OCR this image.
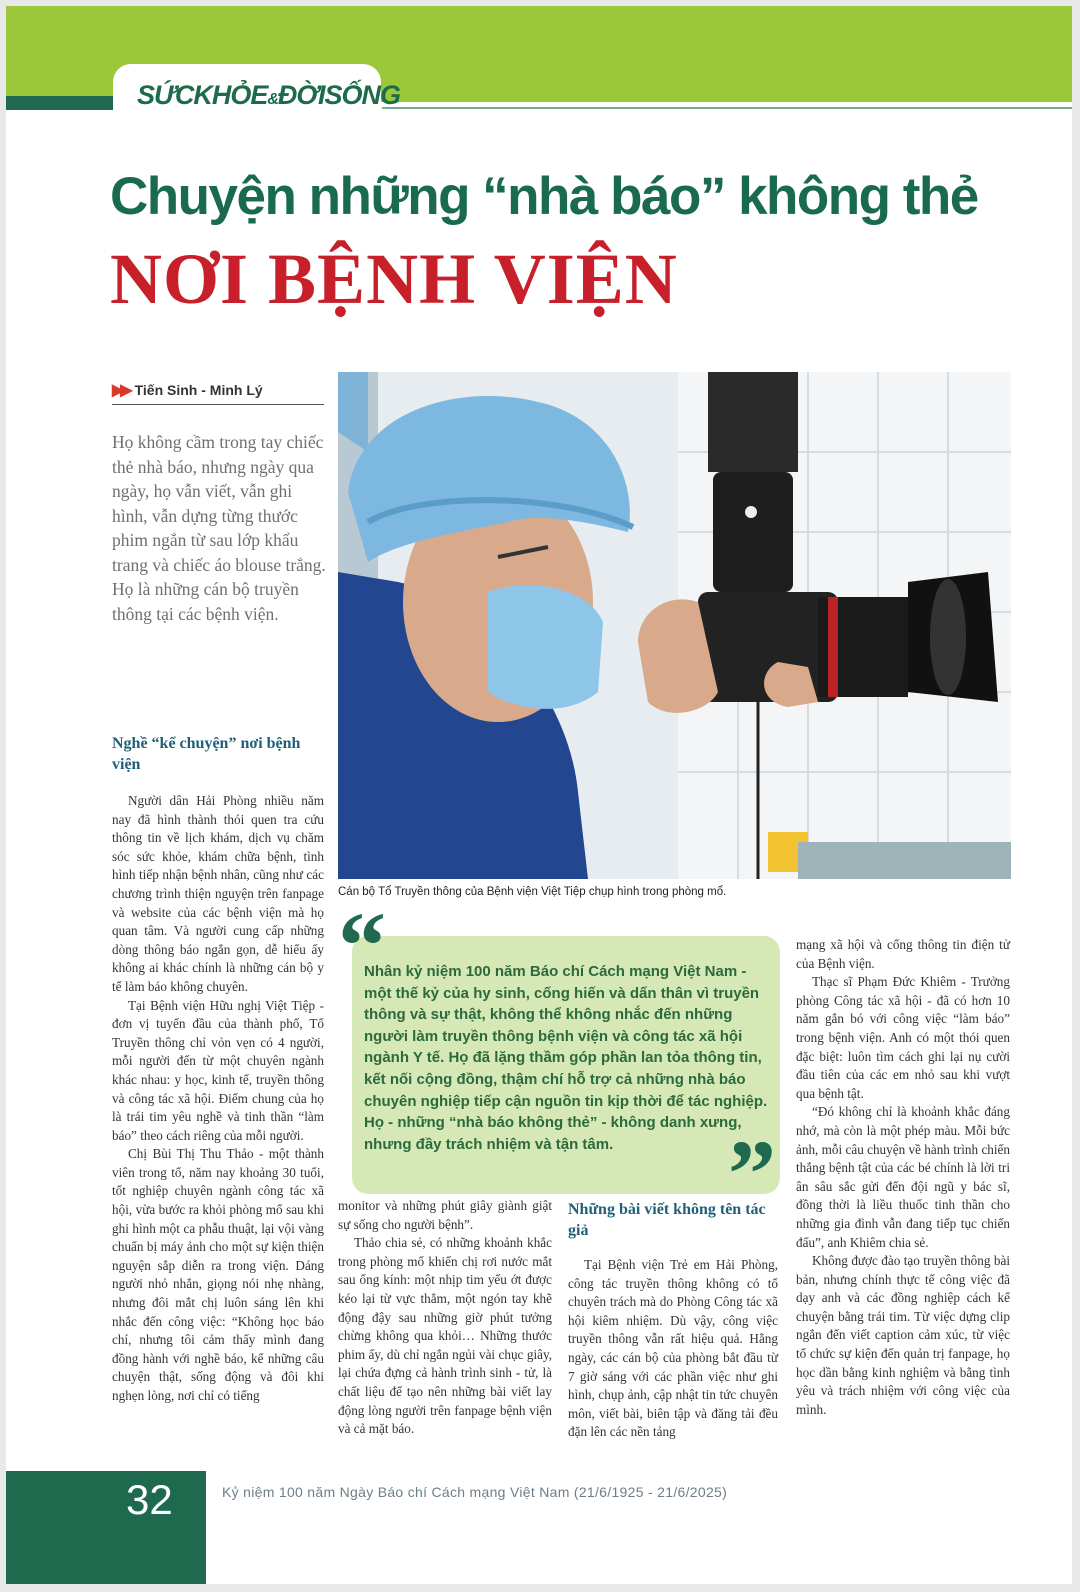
SỨCKHỎE&ĐỜISỐNG
Chuyện những “nhà báo” không thẻ
NƠI BỆNH VIỆN
▶▶ Tiến Sinh - Minh Lý
Họ không cầm trong tay chiếc thẻ nhà báo, nhưng ngày qua ngày, họ vẫn viết, vẫn ghi hình, vẫn dựng từng thước phim ngắn từ sau lớp khẩu trang và chiếc áo blouse trắng. Họ là những cán bộ truyền thông tại các bệnh viện.
Cán bộ Tổ Truyền thông của Bệnh viện Việt Tiệp chụp hình trong phòng mổ.
Nghề “kể chuyện” nơi bệnh viện

Người dân Hải Phòng nhiều năm nay đã hình thành thói quen tra cứu thông tin về lịch khám, dịch vụ chăm sóc sức khỏe, khám chữa bệnh, tình hình tiếp nhận bệnh nhân, cũng như các chương trình thiện nguyện trên fanpage và website của các bệnh viện mà họ quan tâm. Và người cung cấp những dòng thông báo ngắn gọn, dễ hiểu ấy không ai khác chính là những cán bộ y tế làm báo không chuyên.

Tại Bệnh viện Hữu nghị Việt Tiệp - đơn vị tuyến đầu của thành phố, Tổ Truyền thông chỉ vỏn vẹn có 4 người, mỗi người đến từ một chuyên ngành khác nhau: y học, kinh tế, truyền thông và công tác xã hội. Điểm chung của họ là trái tim yêu nghề và tinh thần “làm báo” theo cách riêng của mỗi người.

Chị Bùi Thị Thu Thảo - một thành viên trong tổ, năm nay khoảng 30 tuổi, tốt nghiệp chuyên ngành công tác xã hội, vừa bước ra khỏi phòng mổ sau khi ghi hình một ca phẫu thuật, lại vội vàng chuẩn bị máy ảnh cho một sự kiện thiện nguyện sắp diễn ra trong viện. Dáng người nhỏ nhắn, giọng nói nhẹ nhàng, nhưng đôi mắt chị luôn sáng lên khi nhắc đến công việc: “Không học báo chí, nhưng tôi cảm thấy mình đang đồng hành với nghề báo, kể những câu chuyện thật, sống động và đôi khi nghẹn lòng, nơi chỉ có tiếng

“
Nhân kỷ niệm 100 năm Báo chí Cách mạng Việt Nam - một thế kỷ của hy sinh, cống hiến và dấn thân vì truyền thông và sự thật, không thể không nhắc đến những người làm truyền thông bệnh viện và công tác xã hội ngành Y tế. Họ đã lặng thầm góp phần lan tỏa thông tin, kết nối cộng đồng, thậm chí hỗ trợ cả những nhà báo chuyên nghiệp tiếp cận nguồn tin kịp thời để tác nghiệp. Họ - những “nhà báo không thẻ” - không danh xưng, nhưng đầy trách nhiệm và tận tâm.	”

monitor và những phút giây giành giật sự sống cho người bệnh”.

Thảo chia sẻ, có những khoảnh khắc trong phòng mổ khiến chị rơi nước mắt sau ống kính: một nhịp tim yếu ớt được kéo lại từ vực thẳm, một ngón tay khẽ động đậy sau những giờ phút tưởng chừng không qua khỏi… Những thước phim ấy, dù chỉ ngắn ngủi vài chục giây, lại chứa đựng cả hành trình sinh - tử, là chất liệu để tạo nên những bài viết lay động lòng người trên fanpage bệnh viện và cả mặt báo.

Những bài viết không tên tác giả

Tại Bệnh viện Trẻ em Hải Phòng, công tác truyền thông không có tổ chuyên trách mà do Phòng Công tác xã hội kiêm nhiệm. Dù vậy, công việc truyền thông vẫn rất hiệu quả. Hằng ngày, các cán bộ của phòng bắt đầu từ 7 giờ sáng với các phần việc như ghi hình, chụp ảnh, cập nhật tin tức chuyên môn, viết bài, biên tập và đăng tải đều đặn lên các nền tảng

mạng xã hội và cổng thông tin điện tử của Bệnh viện.

Thạc sĩ Phạm Đức Khiêm - Trưởng phòng Công tác xã hội - đã có hơn 10 năm gắn bó với công việc “làm báo” trong bệnh viện. Anh có một thói quen đặc biệt: luôn tìm cách ghi lại nụ cười đầu tiên của các em nhỏ sau khi vượt qua bệnh tật.

“Đó không chỉ là khoảnh khắc đáng nhớ, mà còn là một phép màu. Mỗi bức ảnh, mỗi câu chuyện về hành trình chiến thắng bệnh tật của các bé chính là lời tri ân sâu sắc gửi đến đội ngũ y bác sĩ, đồng thời là liều thuốc tinh thần cho những gia đình vẫn đang tiếp tục chiến đấu”, anh Khiêm chia sẻ.

Không được đào tạo truyền thông bài bản, nhưng chính thực tế công việc đã dạy anh và các đồng nghiệp cách kể chuyện bằng trái tim. Từ việc dựng clip ngắn đến viết caption cảm xúc, từ việc tổ chức sự kiện đến quản trị fanpage, họ học dần bằng kinh nghiệm và bằng tình yêu và trách nhiệm với công việc của mình.

32	Kỷ niệm 100 năm Ngày Báo chí Cách mạng Việt Nam (21/6/1925 - 21/6/2025)
